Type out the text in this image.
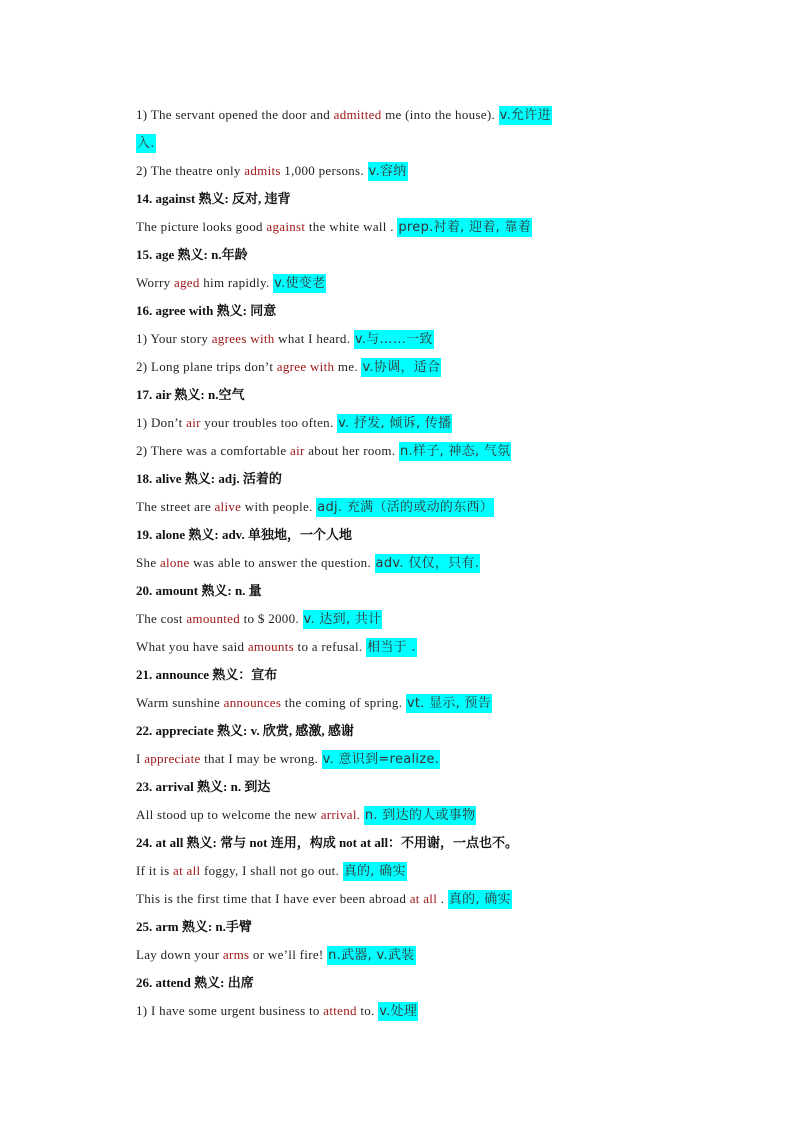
1) The servant opened the door and admitted me (into the house). v.允许进
入.
2) The theatre only admits 1,000 persons. v.容纳
14. against 熟义: 反对, 违背
The picture looks good against the white wall . prep.衬着, 迎着, 靠着
15. age 熟义: n.年龄
Worry aged him rapidly. v.使变老
16. agree with 熟义: 同意
1) Your story agrees with what I heard. v.与……一致
2) Long plane trips don’t agree with me. v.协调，适合
17. air 熟义: n.空气
1) Don’t air your troubles too often. v. 抒发, 倾诉, 传播
2) There was a comfortable air about her room. n.样子, 神态, 气氛
18. alive 熟义: adj. 活着的
The street are alive with people. adj. 充满（活的或动的东西）
19. alone 熟义: adv. 单独地，一个人地
She alone was able to answer the question. adv. 仅仅，只有.
20. amount 熟义: n. 量
The cost amounted to $ 2000. v. 达到, 共计
What you have said amounts to a refusal. 相当于 .
21. announce 熟义：宣布
Warm sunshine announces the coming of spring. vt. 显示, 预告
22. appreciate 熟义: v. 欣赏, 感激, 感谢
I appreciate that I may be wrong. v. 意识到=realize.
23. arrival 熟义: n. 到达
All stood up to welcome the new arrival. n. 到达的人或事物
24. at all 熟义: 常与 not 连用，构成 not at all：不用谢，一点也不。
If it is at all foggy, I shall not go out. 真的, 确实
This is the first time that I have ever been abroad at all . 真的, 确实
25. arm 熟义: n.手臂
Lay down your arms or we’ll fire! n.武器, v.武装
26. attend 熟义: 出席
1) I have some urgent business to attend to. v.处理
